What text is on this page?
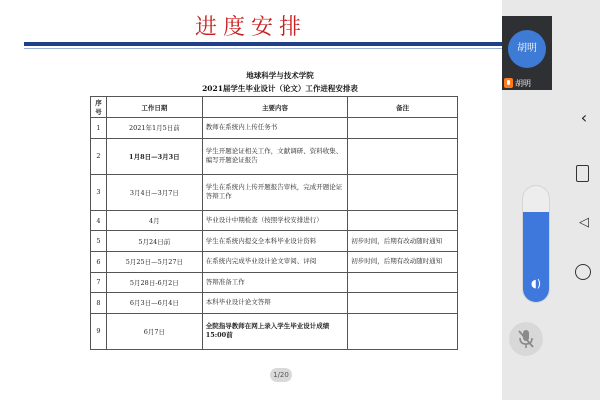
进度安排
地球科学与技术学院
2021届学生毕业设计（论文）工作进程安排表
序号	工作日期	主要内容	备注
1	2021年1月5日前	教师在系统内上传任务书	
2	1月8日—3月3日	学生开题论证相关工作，文献调研、资料收集、编写开题论证报告	
3	3月4日—3月7日	学生在系统内上传开题报告审核，完成开题论证答辩工作	
4	4月	毕业设计中期检查（按照学校安排进行）	
5	5月24日前	学生在系统内提交全本科毕业设计资料	初步时间，后期有改动随时通知
6	5月25日—5月27日	在系统内完成毕业设计论文审阅、评阅	初步时间，后期有改动随时通知
7	5月28日-6月2日	答辩准备工作	
8	6月3日—6月4日	本科毕业设计论文答辩	
9	6月7日	全院指导教师在网上录入学生毕业设计成绩 15:00前	
1/20
胡明
胡明
‹
◁
◖)
